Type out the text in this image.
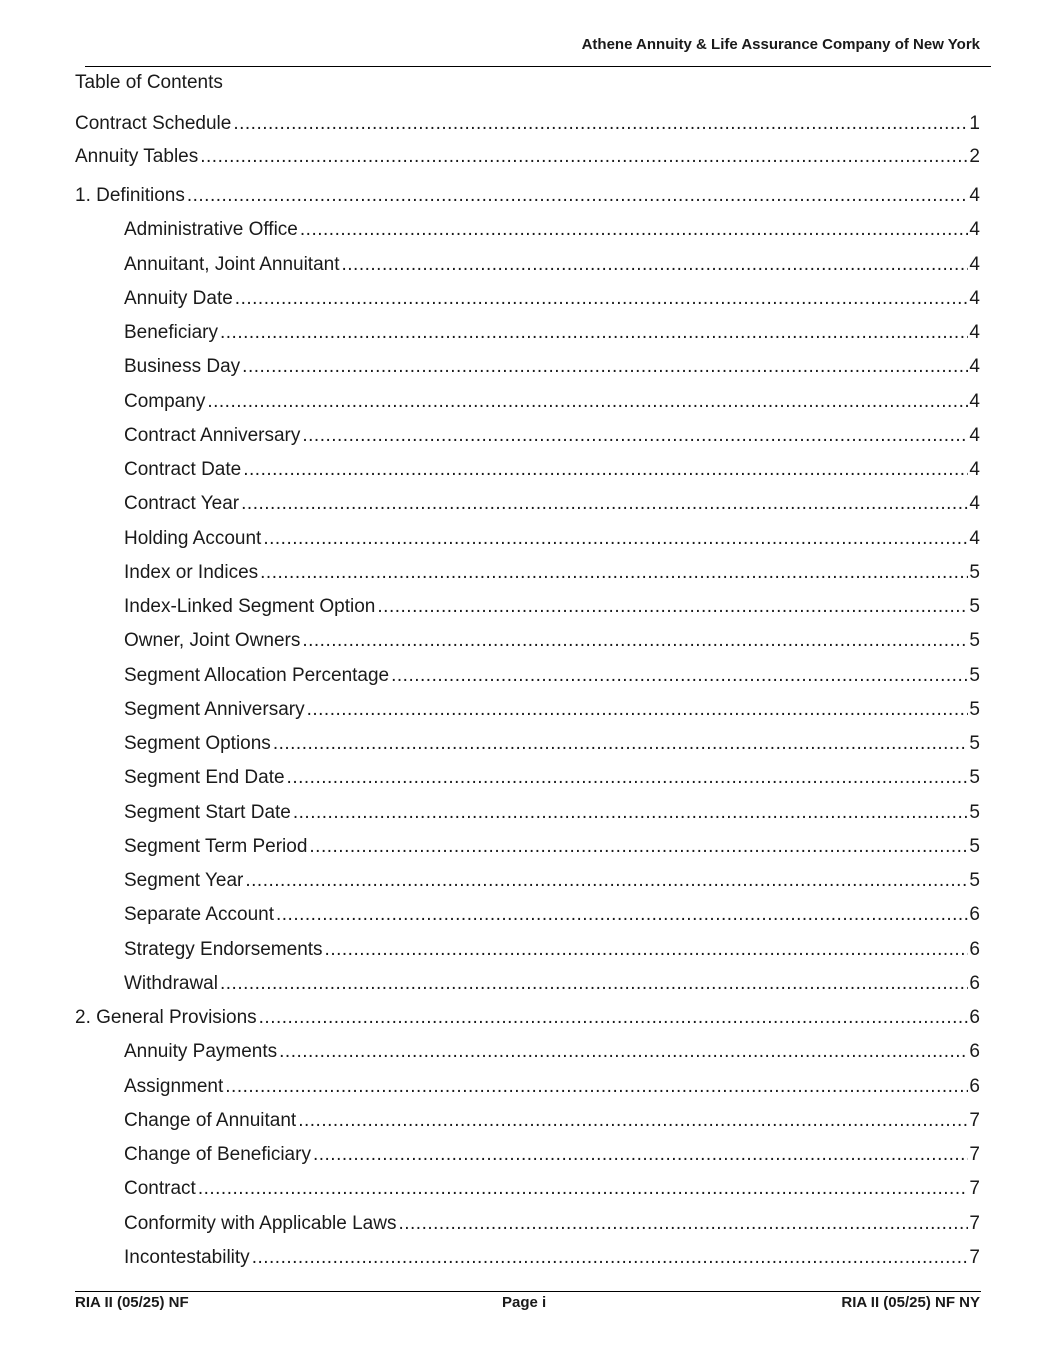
Athene Annuity & Life Assurance Company of New York
Table of Contents
Contract Schedule .....	1
Annuity Tables .....	2
1. Definitions .....	4
Administrative Office .....	4
Annuitant, Joint Annuitant .....	4
Annuity Date .....	4
Beneficiary .....	4
Business Day .....	4
Company .....	4
Contract Anniversary .....	4
Contract Date .....	4
Contract Year .....	4
Holding Account .....	4
Index or Indices .....	5
Index-Linked Segment Option .....	5
Owner, Joint Owners .....	5
Segment Allocation Percentage .....	5
Segment Anniversary .....	5
Segment Options .....	5
Segment End Date .....	5
Segment Start Date .....	5
Segment Term Period .....	5
Segment Year .....	5
Separate Account .....	6
Strategy Endorsements .....	6
Withdrawal .....	6
2. General Provisions .....	6
Annuity Payments .....	6
Assignment .....	6
Change of Annuitant .....	7
Change of Beneficiary .....	7
Contract .....	7
Conformity with Applicable Laws .....	7
Incontestability .....	7
RIA II (05/25) NF	Page i	RIA II (05/25) NF NY
